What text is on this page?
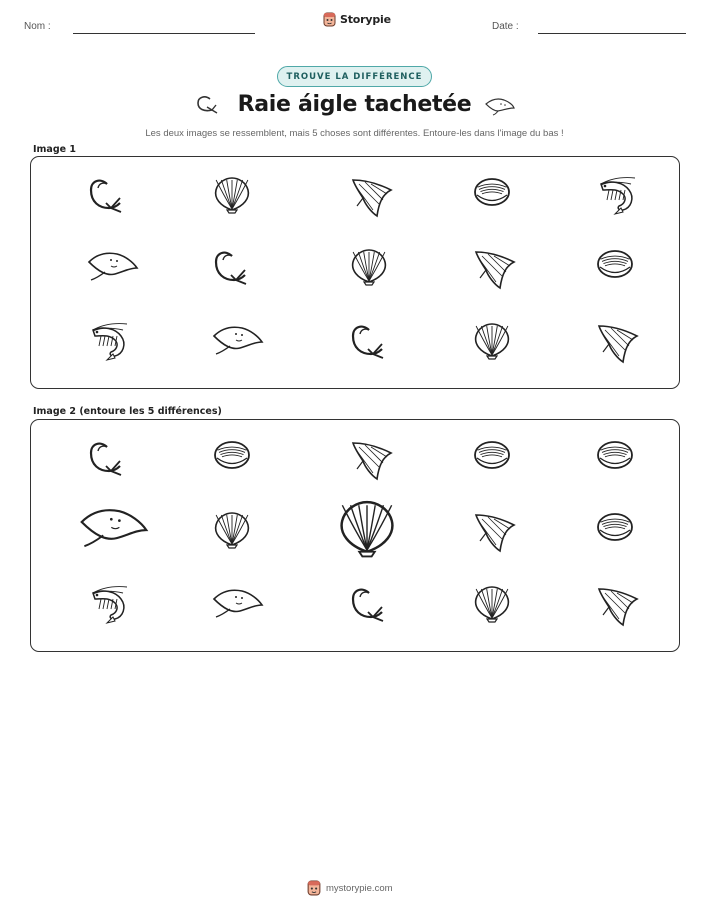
Nom :
Storypie
Date :
TROUVE LA DIFFÉRENCE
Raie áigle tachetée
Les deux images se ressemblent, mais 5 choses sont différentes. Entoure-les dans l'image du bas !
Image 1
Image 2 (entoure les 5 différences)
mystorypie.com
